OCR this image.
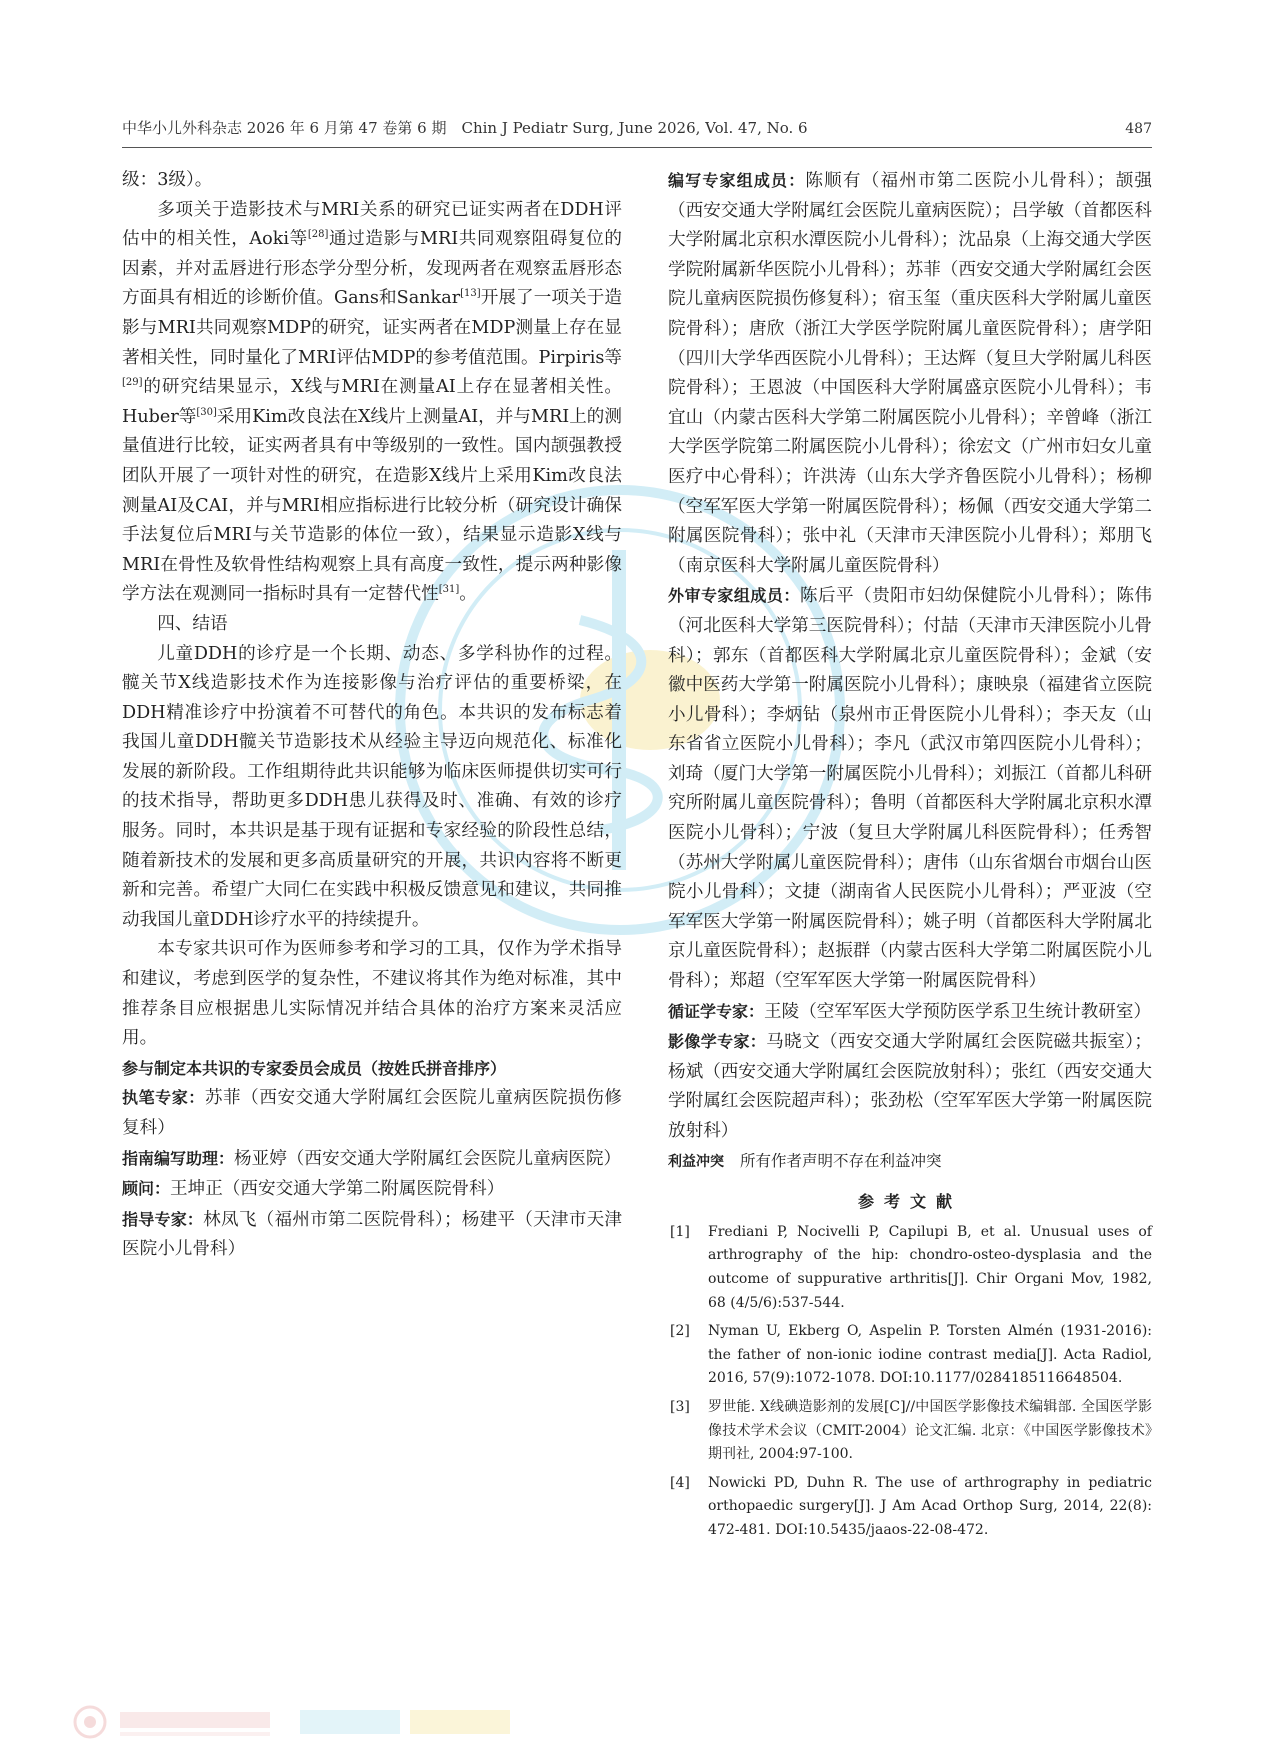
中华小儿外科杂志 2026 年 6 月第 47 卷第 6 期　Chin J Pediatr Surg, June 2026, Vol. 47, No. 6	487

级：3级）。

多项关于造影技术与MRI关系的研究已证实两者在DDH评估中的相关性，Aoki等[28]通过造影与MRI共同观察阻碍复位的因素，并对盂唇进行形态学分型分析，发现两者在观察盂唇形态方面具有相近的诊断价值。Gans和Sankar[13]开展了一项关于造影与MRI共同观察MDP的研究，证实两者在MDP测量上存在显著相关性，同时量化了MRI评估MDP的参考值范围。Pirpiris等[29]的研究结果显示，X线与MRI在测量AI上存在显著相关性。Huber等[30]采用Kim改良法在X线片上测量AI，并与MRI上的测量值进行比较，证实两者具有中等级别的一致性。国内颉强教授团队开展了一项针对性的研究，在造影X线片上采用Kim改良法测量AI及CAI，并与MRI相应指标进行比较分析（研究设计确保手法复位后MRI与关节造影的体位一致），结果显示造影X线与MRI在骨性及软骨性结构观察上具有高度一致性，提示两种影像学方法在观测同一指标时具有一定替代性[31]。

四、结语

儿童DDH的诊疗是一个长期、动态、多学科协作的过程。髋关节X线造影技术作为连接影像与治疗评估的重要桥梁，在DDH精准诊疗中扮演着不可替代的角色。本共识的发布标志着我国儿童DDH髋关节造影技术从经验主导迈向规范化、标准化发展的新阶段。工作组期待此共识能够为临床医师提供切实可行的技术指导，帮助更多DDH患儿获得及时、准确、有效的诊疗服务。同时，本共识是基于现有证据和专家经验的阶段性总结，随着新技术的发展和更多高质量研究的开展，共识内容将不断更新和完善。希望广大同仁在实践中积极反馈意见和建议，共同推动我国儿童DDH诊疗水平的持续提升。

本专家共识可作为医师参考和学习的工具，仅作为学术指导和建议，考虑到医学的复杂性，不建议将其作为绝对标准，其中推荐条目应根据患儿实际情况并结合具体的治疗方案来灵活应用。

参与制定本共识的专家委员会成员（按姓氏拼音排序）

执笔专家：苏菲（西安交通大学附属红会医院儿童病医院损伤修复科）

指南编写助理：杨亚婷（西安交通大学附属红会医院儿童病医院）

顾问：王坤正（西安交通大学第二附属医院骨科）

指导专家：林凤飞（福州市第二医院骨科）；杨建平（天津市天津医院小儿骨科）

编写专家组成员：陈顺有（福州市第二医院小儿骨科）；颉强（西安交通大学附属红会医院儿童病医院）；吕学敏（首都医科大学附属北京积水潭医院小儿骨科）；沈品泉（上海交通大学医学院附属新华医院小儿骨科）；苏菲（西安交通大学附属红会医院儿童病医院损伤修复科）；宿玉玺（重庆医科大学附属儿童医院骨科）；唐欣（浙江大学医学院附属儿童医院骨科）；唐学阳（四川大学华西医院小儿骨科）；王达辉（复旦大学附属儿科医院骨科）；王恩波（中国医科大学附属盛京医院小儿骨科）；韦宜山（内蒙古医科大学第二附属医院小儿骨科）；辛曾峰（浙江大学医学院第二附属医院小儿骨科）；徐宏文（广州市妇女儿童医疗中心骨科）；许洪涛（山东大学齐鲁医院小儿骨科）；杨柳（空军军医大学第一附属医院骨科）；杨佩（西安交通大学第二附属医院骨科）；张中礼（天津市天津医院小儿骨科）；郑朋飞（南京医科大学附属儿童医院骨科）

外审专家组成员：陈后平（贵阳市妇幼保健院小儿骨科）；陈伟（河北医科大学第三医院骨科）；付喆（天津市天津医院小儿骨科）；郭东（首都医科大学附属北京儿童医院骨科）；金斌（安徽中医药大学第一附属医院小儿骨科）；康映泉（福建省立医院小儿骨科）；李炳钻（泉州市正骨医院小儿骨科）；李天友（山东省省立医院小儿骨科）；李凡（武汉市第四医院小儿骨科）；刘琦（厦门大学第一附属医院小儿骨科）；刘振江（首都儿科研究所附属儿童医院骨科）；鲁明（首都医科大学附属北京积水潭医院小儿骨科）；宁波（复旦大学附属儿科医院骨科）；任秀智（苏州大学附属儿童医院骨科）；唐伟（山东省烟台市烟台山医院小儿骨科）；文捷（湖南省人民医院小儿骨科）；严亚波（空军军医大学第一附属医院骨科）；姚子明（首都医科大学附属北京儿童医院骨科）；赵振群（内蒙古医科大学第二附属医院小儿骨科）；郑超（空军军医大学第一附属医院骨科）

循证学专家：王陵（空军军医大学预防医学系卫生统计教研室）

影像学专家：马晓文（西安交通大学附属红会医院磁共振室）；杨斌（西安交通大学附属红会医院放射科）；张红（西安交通大学附属红会医院超声科）；张劲松（空军军医大学第一附属医院放射科）

利益冲突 所有作者声明不存在利益冲突

参考文献
[1]	Frediani P, Nocivelli P, Capilupi B, et al. Unusual uses of arthrography of the hip: chondro-osteo-dysplasia and the outcome of suppurative arthritis[J]. Chir Organi Mov, 1982, 68 (4/5/6):537-544.
[2]	Nyman U, Ekberg O, Aspelin P. Torsten Almén (1931-2016): the father of non-ionic iodine contrast media[J]. Acta Radiol, 2016, 57(9):1072-1078. DOI:10.1177/0284185116648504.
[3]	罗世能. X线碘造影剂的发展[C]//中国医学影像技术编辑部. 全国医学影像技术学术会议（CMIT-2004）论文汇编. 北京：《中国医学影像技术》期刊社, 2004:97-100.
[4]	Nowicki PD, Duhn R. The use of arthrography in pediatric orthopaedic surgery[J]. J Am Acad Orthop Surg, 2014, 22(8): 472-481. DOI:10.5435/jaaos-22-08-472.
